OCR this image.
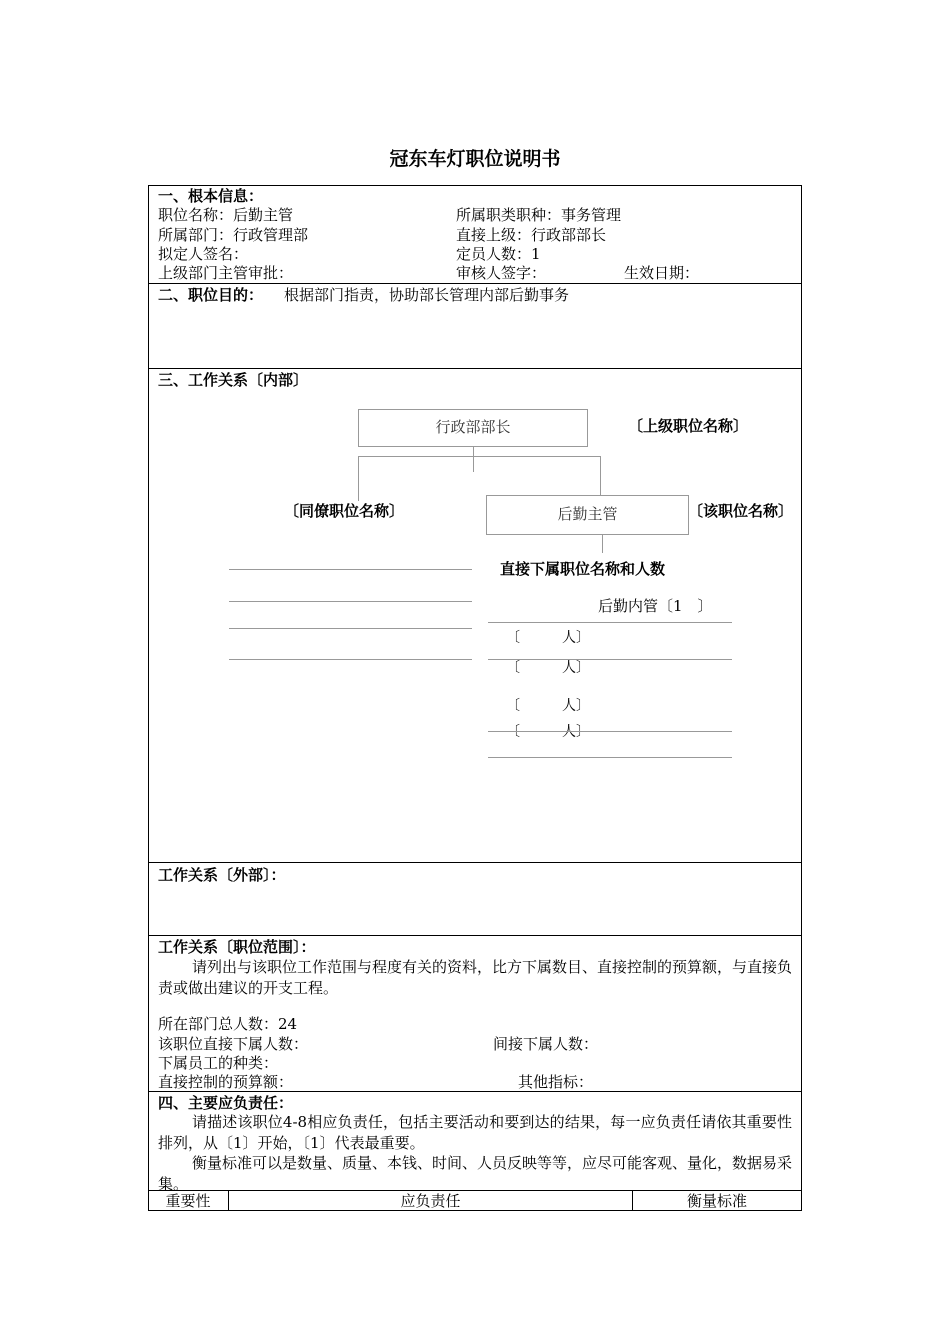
冠东车灯职位说明书
一、根本信息：
职位名称：后勤主管	所属职类职种：事务管理
所属部门：行政管理部	直接上级：行政部部长
拟定人签名：	定员人数：1
上级部门主管审批：	审核人签字：	生效日期：
二、职位目的： 根据部门指责，协助部长管理内部后勤事务
三、工作关系〔内部〕
行政部部长	〔上级职位名称〕
〔同僚职位名称〕	后勤主管	〔该职位名称〕
直接下属职位名称和人数
后勤内管〔1　〕
〔　　　人〕
〔　　　人〕
〔　　　人〕
〔　　　人〕
工作关系〔外部〕：
工作关系〔职位范围〕：
请列出与该职位工作范围与程度有关的资料，比方下属数目、直接控制的预算额，与直接负责或做出建议的开支工程。
所在部门总人数：24
该职位直接下属人数：	间接下属人数：
下属员工的种类：
直接控制的预算额：	其他指标：
四、主要应负责任：
请描述该职位4-8相应负责任，包括主要活动和要到达的结果，每一应负责任请依其重要性排列，从〔1〕开始，〔1〕代表最重要。
衡量标准可以是数量、质量、本钱、时间、人员反映等等，应尽可能客观、量化，数据易采集。
重要性	应负责任	衡量标准
